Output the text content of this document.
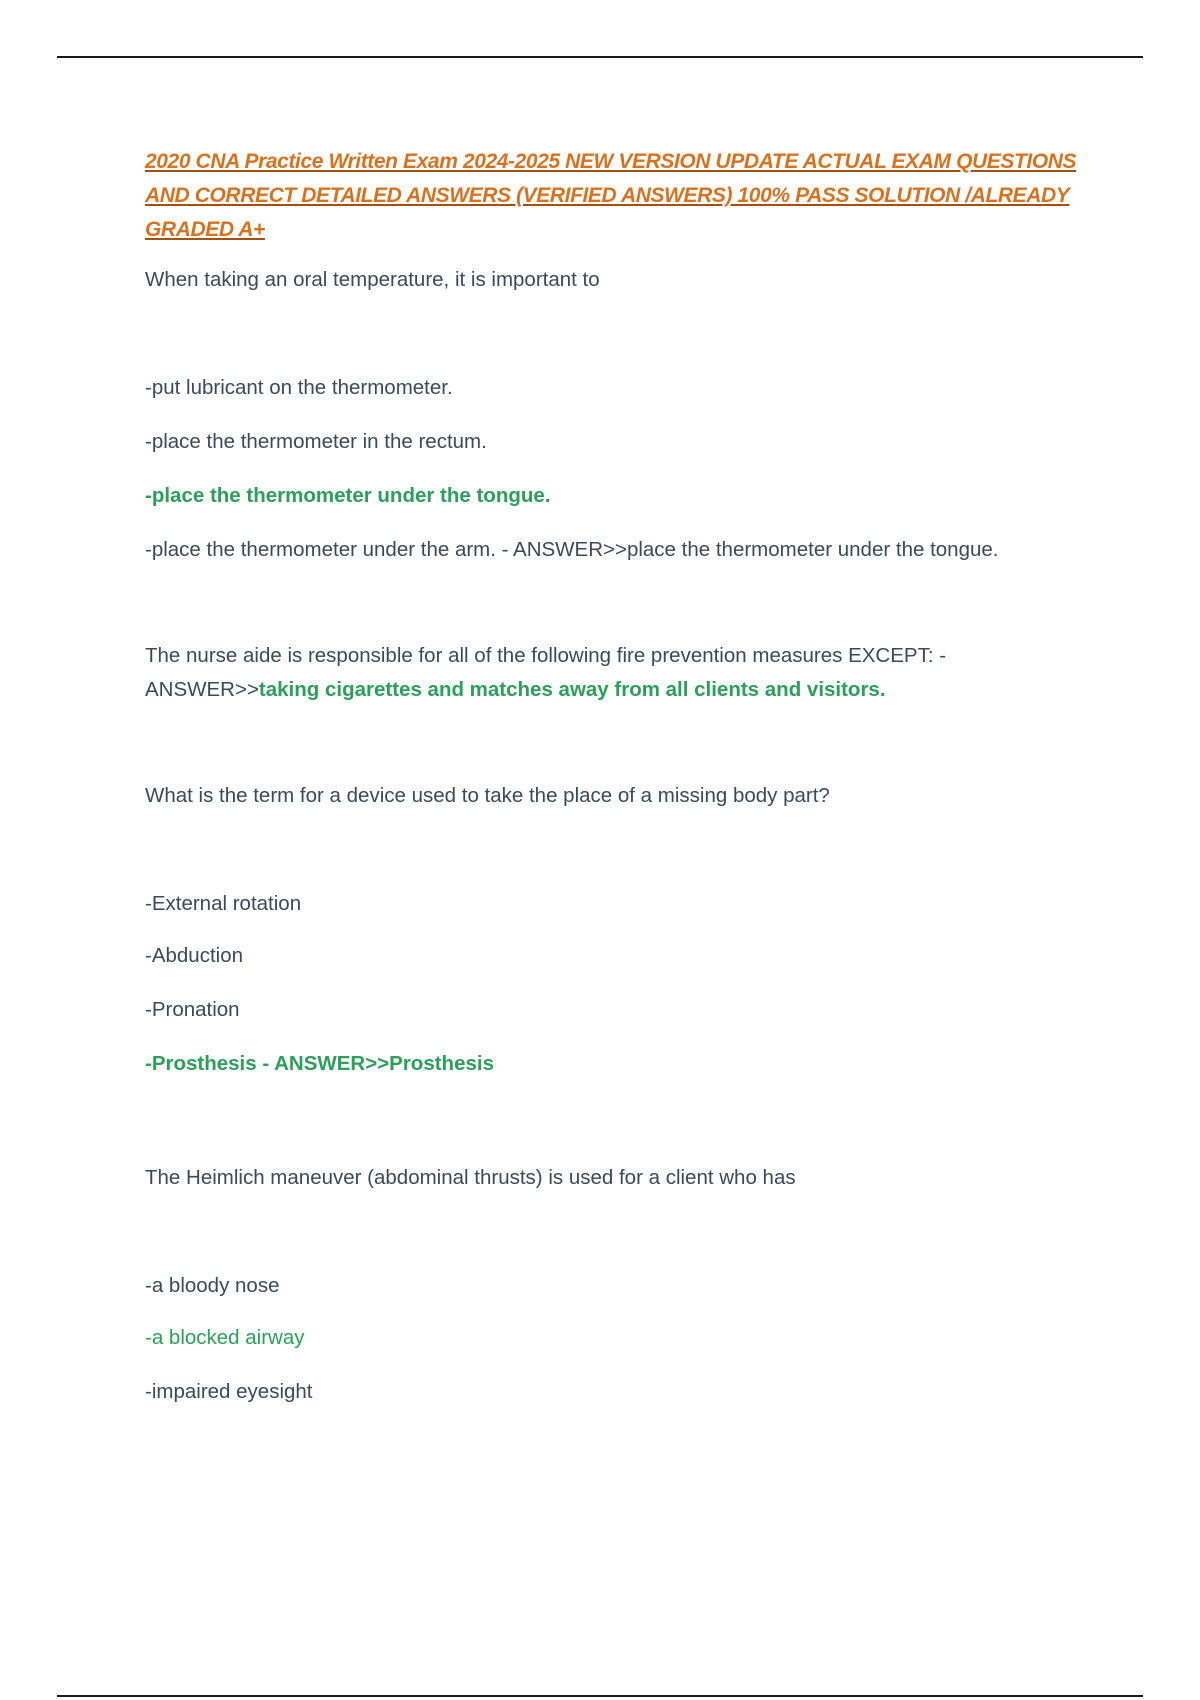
2020 CNA Practice Written Exam 2024-2025 NEW VERSION UPDATE ACTUAL EXAM QUESTIONS AND CORRECT DETAILED ANSWERS (VERIFIED ANSWERS) 100% PASS SOLUTION /ALREADY GRADED A+

When taking an oral temperature, it is important to

-put lubricant on the thermometer.

-place the thermometer in the rectum.

-place the thermometer under the tongue.

-place the thermometer under the arm. - ANSWER>>place the thermometer under the tongue.

The nurse aide is responsible for all of the following fire prevention measures EXCEPT: -

ANSWER>>taking cigarettes and matches away from all clients and visitors.

What is the term for a device used to take the place of a missing body part?

-External rotation

-Abduction

-Pronation

-Prosthesis - ANSWER>>Prosthesis

The Heimlich maneuver (abdominal thrusts) is used for a client who has

-a bloody nose

-a blocked airway

-impaired eyesight
